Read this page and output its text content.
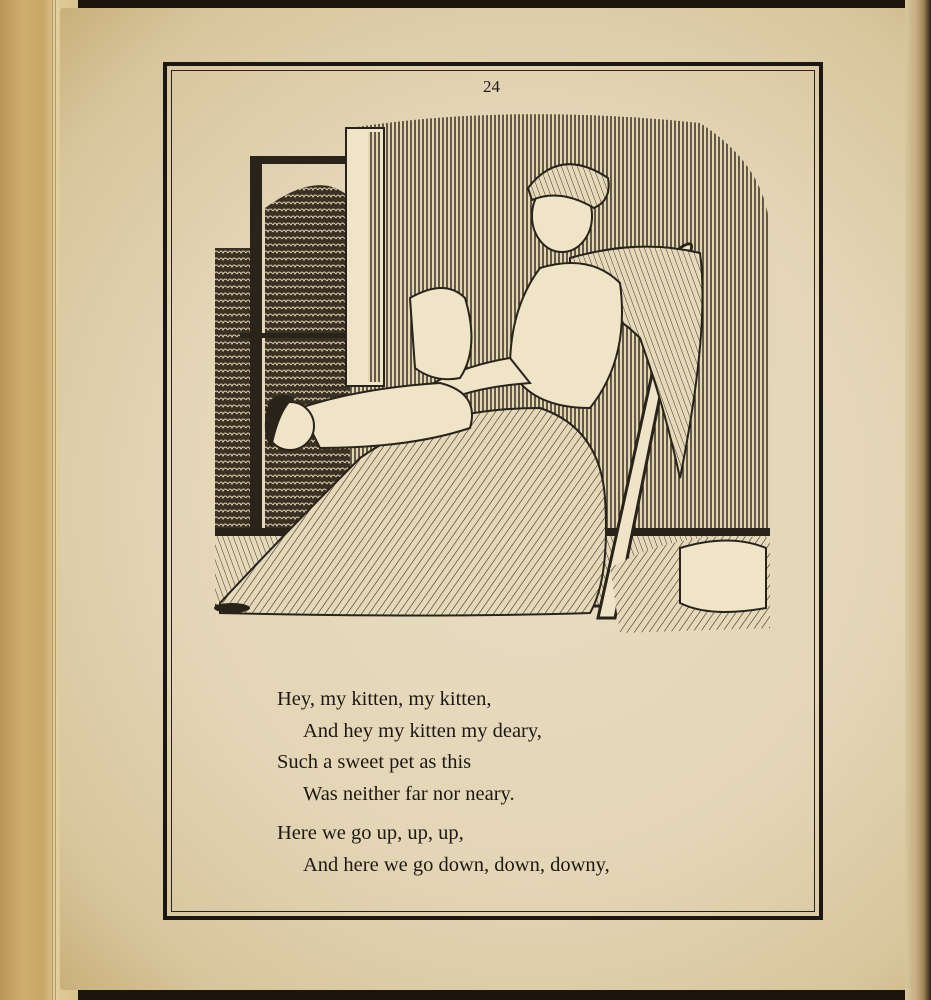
24
Hey, my kitten, my kitten,
And hey my kitten my deary,
Such a sweet pet as this
Was neither far nor neary.
Here we go up, up, up,
And here we go down, down, downy,
